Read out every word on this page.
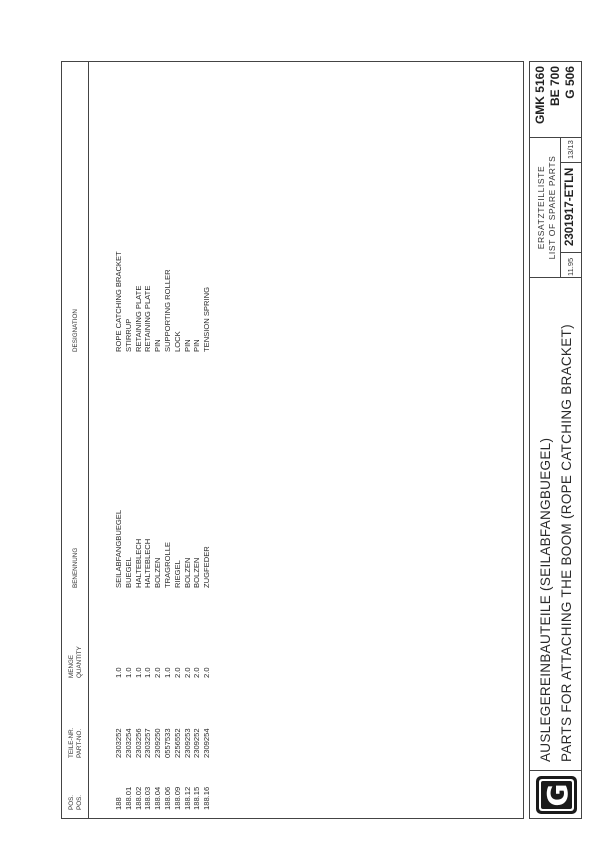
POS. POS.
TEILE-NR. PART-NO.
MENGE QUANTITY
BENENNUNG
DESIGNATION
188 188.01 188.02 188.03 188.04 188.06 188.09 188.12 188.15 188.16
2303252 2303254 2303256 2303257 2309250 0557533 2256552 2309253 2309252 2309254
1.0 1.0 1.0 1.0 2.0 1.0 2.0 2.0 2.0 2.0
SEILABFANGBUEGEL BUEGEL HALTEBLECH HALTEBLECH BOLZEN TRAGROLLE RIEGEL BOLZEN BOLZEN ZUGFEDER
ROPE CATCHING BRACKET STIRRUP RETAINING PLATE RETAINING PLATE PIN SUPPORTING ROLLER LOCK PIN PIN TENSION SPRING
G
AUSLEGEREINBAUTEILE (SEILABFANGBUEGEL) PARTS FOR ATTACHING THE BOOM (ROPE CATCHING BRACKET)
ERSATZTEILLISTE LIST OF SPARE PARTS
11.95
2301917-ETL
N
13/13
GMK 5160 BE 700 G 506
